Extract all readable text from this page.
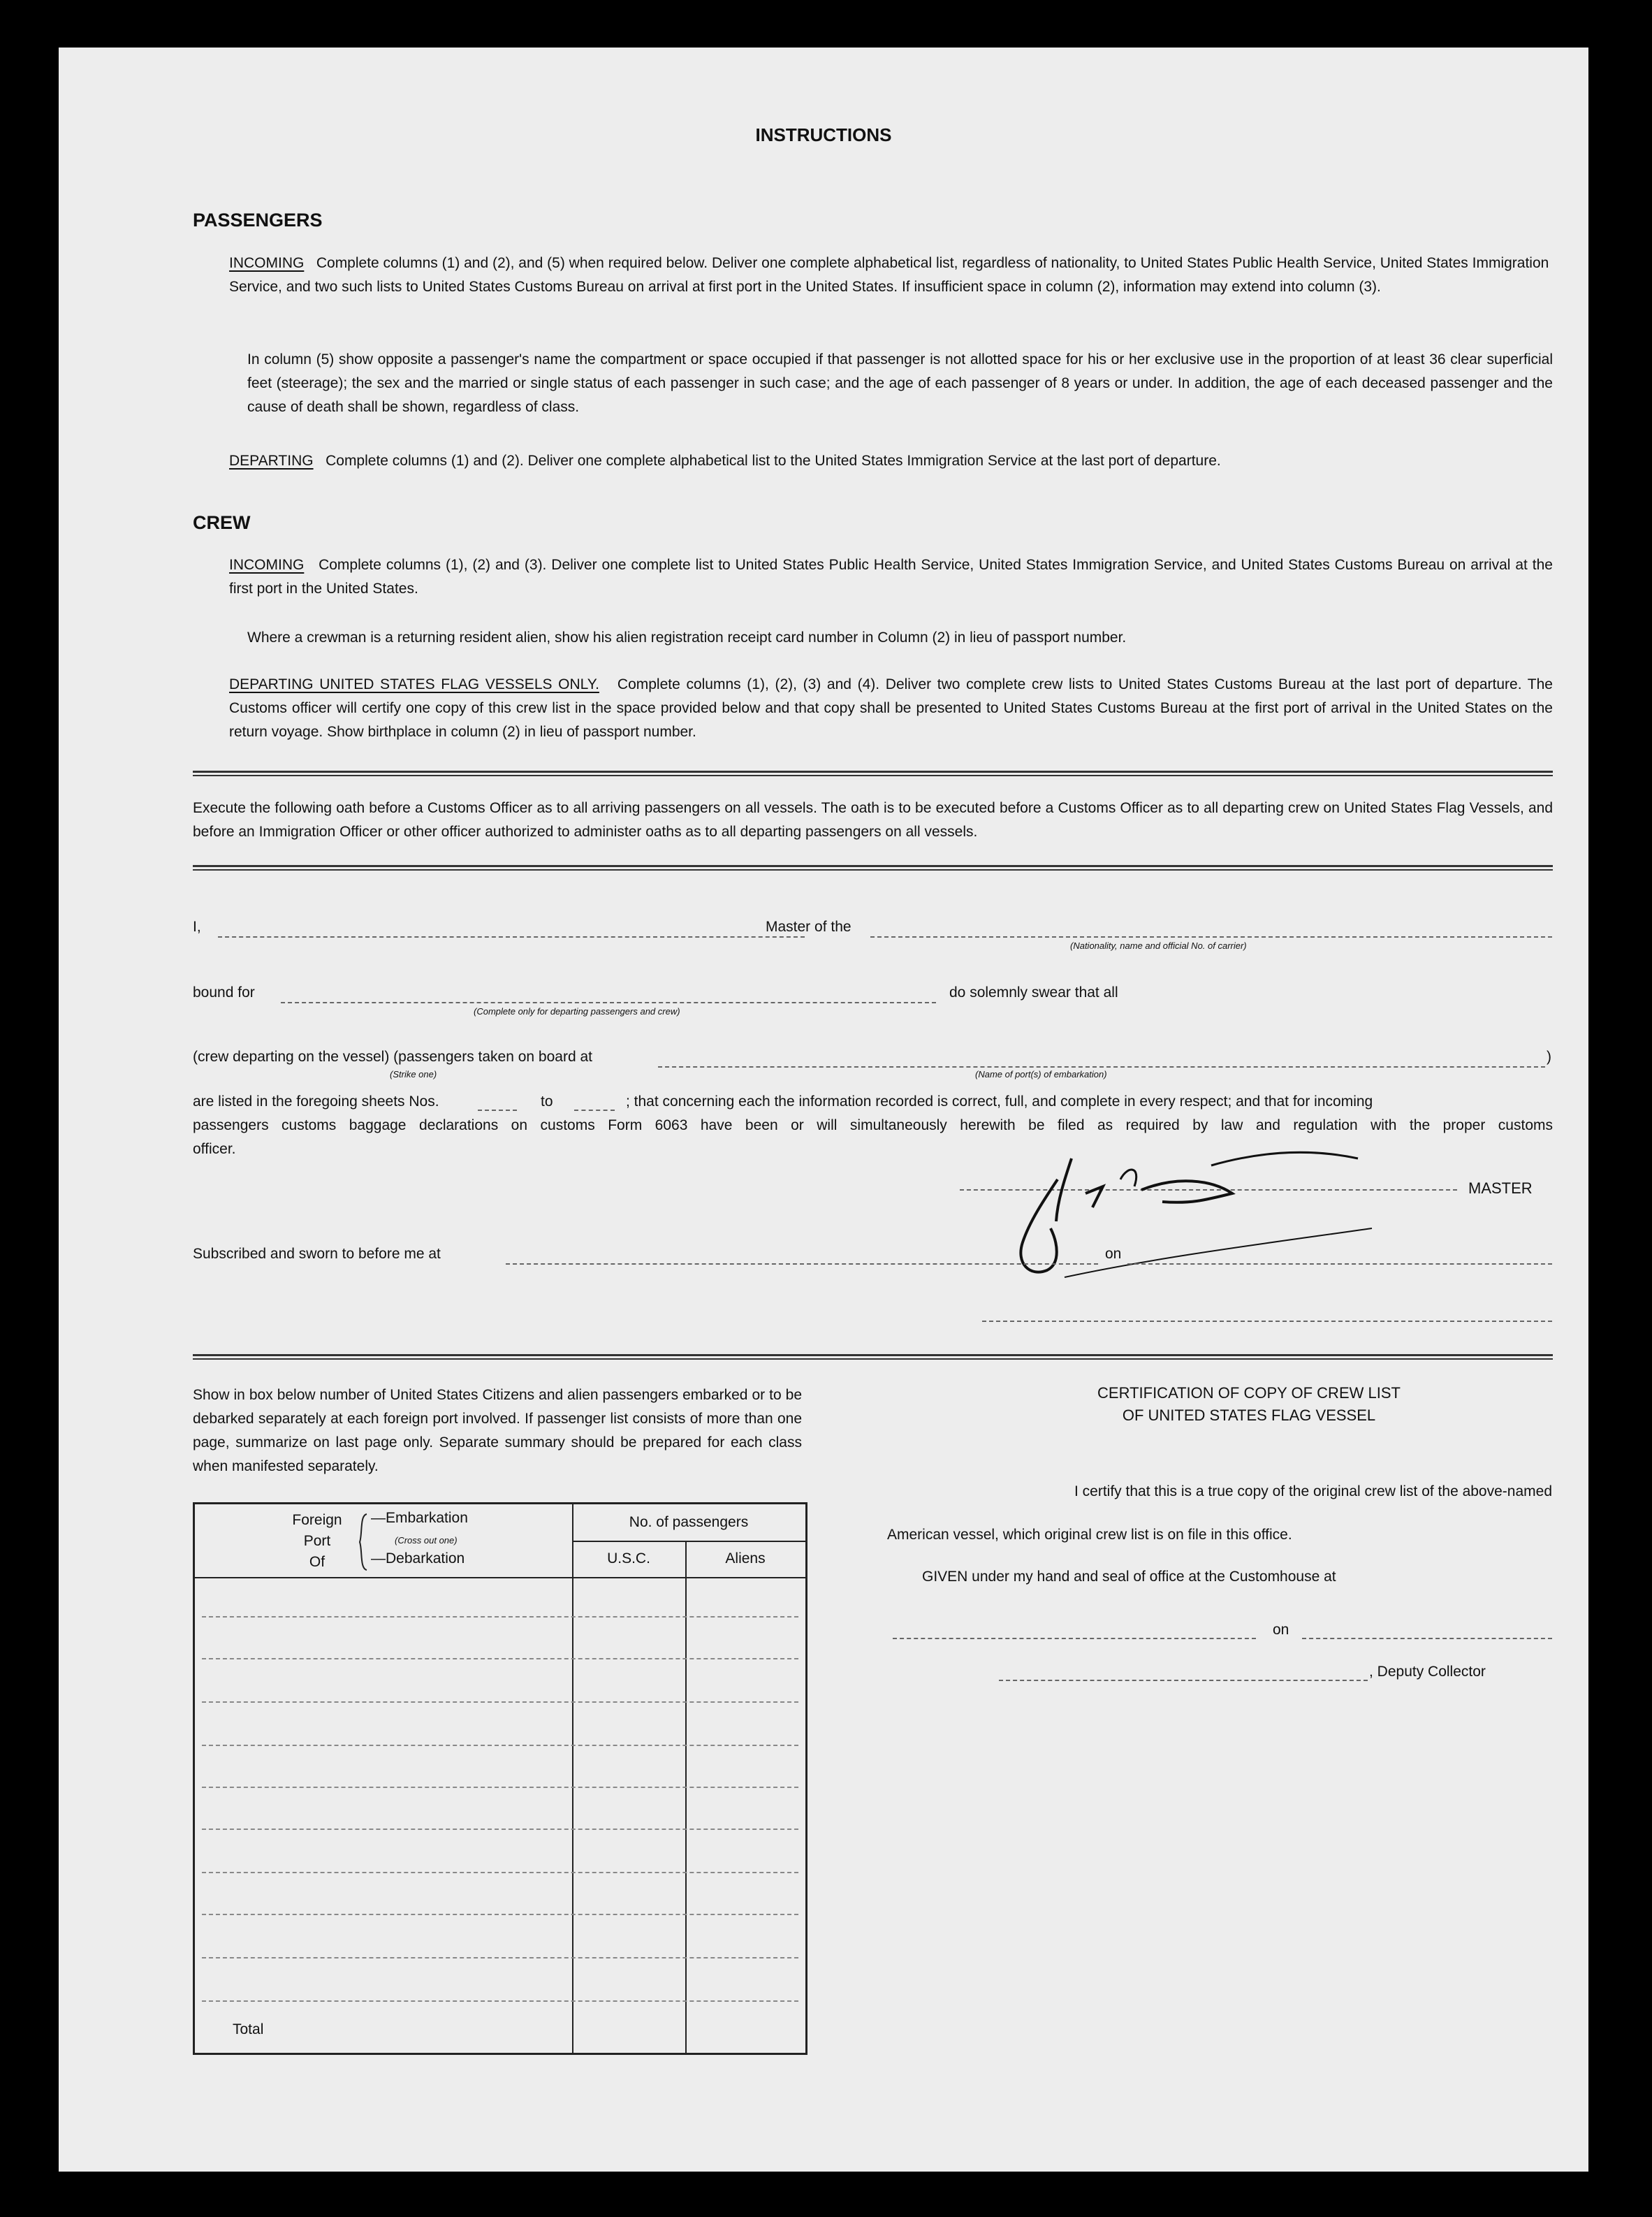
INSTRUCTIONS
PASSENGERS
INCOMING Complete columns (1) and (2), and (5) when required below. Deliver one complete alphabetical list, regardless of nationality, to United States Public Health Service, United States Immigration Service, and two such lists to United States Customs Bureau on arrival at first port in the United States. If insufficient space in column (2), information may extend into column (3).
In column (5) show opposite a passenger's name the compartment or space occupied if that passenger is not allotted space for his or her exclusive use in the proportion of at least 36 clear superficial feet (steerage); the sex and the married or single status of each passenger in such case; and the age of each passenger of 8 years or under. In addition, the age of each deceased passenger and the cause of death shall be shown, regardless of class.
DEPARTING Complete columns (1) and (2). Deliver one complete alphabetical list to the United States Immigration Service at the last port of departure.
CREW
INCOMING Complete columns (1), (2) and (3). Deliver one complete list to United States Public Health Service, United States Immigration Service, and United States Customs Bureau on arrival at the first port in the United States.
Where a crewman is a returning resident alien, show his alien registration receipt card number in Column (2) in lieu of passport number.
DEPARTING UNITED STATES FLAG VESSELS ONLY. Complete columns (1), (2), (3) and (4). Deliver two complete crew lists to United States Customs Bureau at the last port of departure. The Customs officer will certify one copy of this crew list in the space provided below and that copy shall be presented to United States Customs Bureau at the first port of arrival in the United States on the return voyage. Show birthplace in column (2) in lieu of passport number.
Execute the following oath before a Customs Officer as to all arriving passengers on all vessels. The oath is to be executed before a Customs Officer as to all departing crew on United States Flag Vessels, and before an Immigration Officer or other officer authorized to administer oaths as to all departing passengers on all vessels.
I,	Master of the
(Nationality, name and official No. of carrier)
bound for
(Complete only for departing passengers and crew)
do solemnly swear that all
(crew departing on the vessel) (passengers taken on board at
(Strike one)	(Name of port(s) of embarkation)
)
are listed in the foregoing sheets Nos.	to	; that concerning each the information recorded is correct, full, and complete in every respect; and that for incoming
passengers customs baggage declarations on customs Form 6063 have been or will simultaneously herewith be filed as required by law and regulation with the proper customs
officer.
MASTER
Subscribed and sworn to before me at	on
Show in box below number of United States Citizens and alien passengers embarked or to be debarked separately at each foreign port involved. If passenger list consists of more than one page, summarize on last page only. Separate summary should be prepared for each class when manifested separately.
Foreign
Port
Of
—Embarkation
(Cross out one)
—Debarkation
No. of passengers
U.S.C.	Aliens
Total
CERTIFICATION OF COPY OF CREW LIST
OF UNITED STATES FLAG VESSEL
I certify that this is a true copy of the original crew list of the above-named
American vessel, which original crew list is on file in this office.
GIVEN under my hand and seal of office at the Customhouse at
on
, Deputy Collector
